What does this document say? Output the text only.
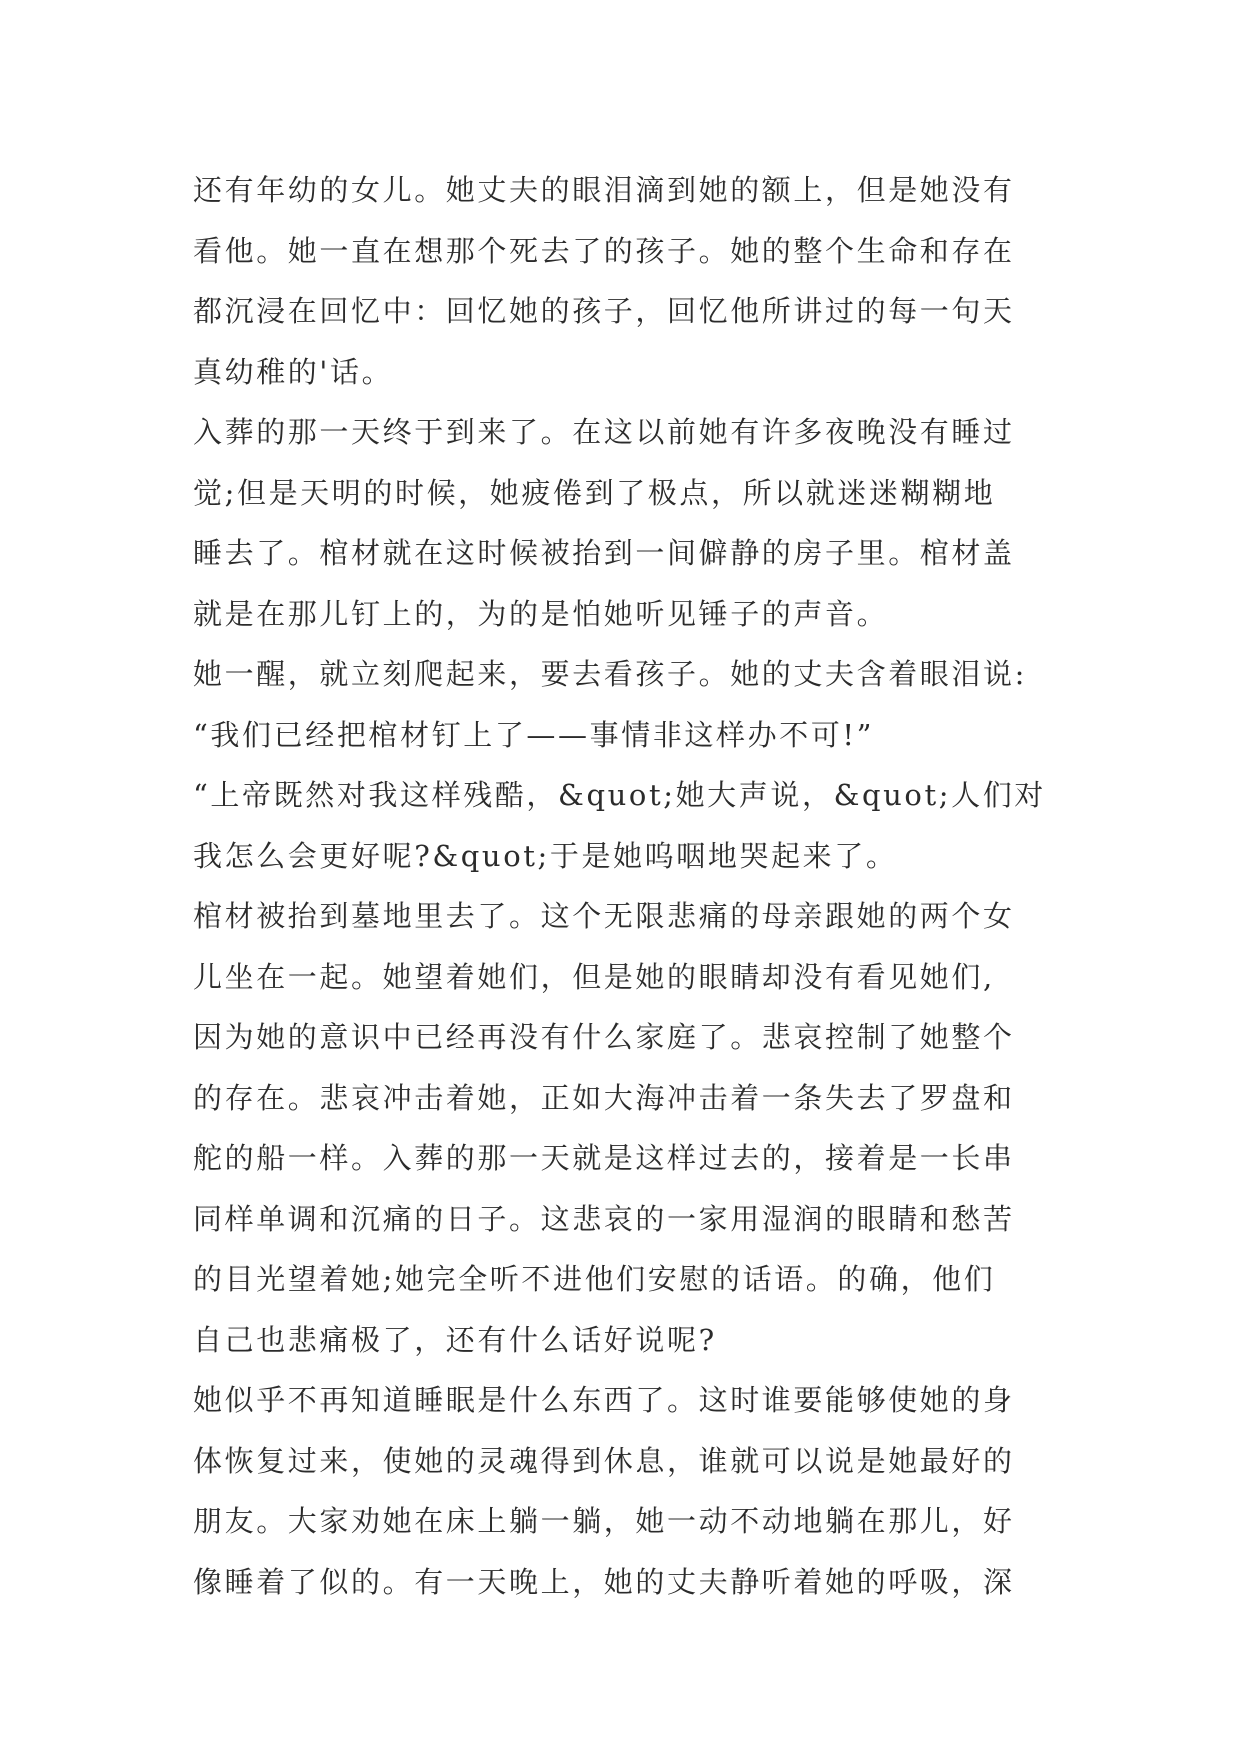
还有年幼的女儿。她丈夫的眼泪滴到她的额上，但是她没有
看他。她一直在想那个死去了的孩子。她的整个生命和存在
都沉浸在回忆中：回忆她的孩子，回忆他所讲过的每一句天
真幼稚的'话。
入葬的那一天终于到来了。在这以前她有许多夜晚没有睡过
觉;但是天明的时候，她疲倦到了极点，所以就迷迷糊糊地
睡去了。棺材就在这时候被抬到一间僻静的房子里。棺材盖
就是在那儿钉上的，为的是怕她听见锤子的声音。
她一醒，就立刻爬起来，要去看孩子。她的丈夫含着眼泪说:
“我们已经把棺材钉上了——事情非这样办不可!”
“上帝既然对我这样残酷，&quot;她大声说，&quot;人们对
我怎么会更好呢?&quot;于是她呜咽地哭起来了。
棺材被抬到墓地里去了。这个无限悲痛的母亲跟她的两个女
儿坐在一起。她望着她们，但是她的眼睛却没有看见她们,
因为她的意识中已经再没有什么家庭了。悲哀控制了她整个
的存在。悲哀冲击着她，正如大海冲击着一条失去了罗盘和
舵的船一样。入葬的那一天就是这样过去的，接着是一长串
同样单调和沉痛的日子。这悲哀的一家用湿润的眼睛和愁苦
的目光望着她;她完全听不进他们安慰的话语。的确，他们
自己也悲痛极了，还有什么话好说呢?
她似乎不再知道睡眠是什么东西了。这时谁要能够使她的身
体恢复过来，使她的灵魂得到休息，谁就可以说是她最好的
朋友。大家劝她在床上躺一躺，她一动不动地躺在那儿，好
像睡着了似的。有一天晚上，她的丈夫静听着她的呼吸，深
